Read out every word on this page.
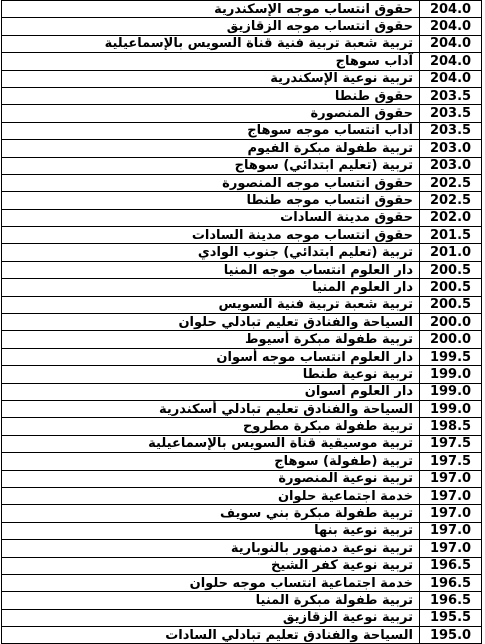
حقوق انتساب موجه الإسكندرية	204.0
حقوق انتساب موجه الزقازيق	204.0
تربية شعبة تربية فنية قناة السويس بالإسماعيلية	204.0
آداب سوهاج	204.0
تربية نوعية الإسكندرية	204.0
حقوق طنطا	203.5
حقوق المنصورة	203.5
آداب انتساب موجه سوهاج	203.5
تربية طفولة مبكرة الفيوم	203.0
تربية (تعليم ابتدائي) سوهاج	203.0
حقوق انتساب موجه المنصورة	202.5
حقوق انتساب موجه طنطا	202.5
حقوق مدينة السادات	202.0
حقوق انتساب موجه مدينة السادات	201.5
تربية (تعليم ابتدائي) جنوب الوادي	201.0
دار العلوم انتساب موجه المنيا	200.5
دار العلوم المنيا	200.5
تربية شعبة تربية فنية السويس	200.5
السياحة والفنادق تعليم تبادلي حلوان	200.0
تربية طفولة مبكرة أسيوط	200.0
دار العلوم انتساب موجه أسوان	199.5
تربية نوعية طنطا	199.0
دار العلوم أسوان	199.0
السياحة والفنادق تعليم تبادلي أسكندرية	199.0
تربية طفولة مبكرة مطروح	198.5
تربية موسيقية قناة السويس بالإسماعيلية	197.5
تربية (طفولة) سوهاج	197.5
تربية نوعية المنصورة	197.0
خدمة اجتماعية حلوان	197.0
تربية طفولة مبكرة بني سويف	197.0
تربية نوعية بنها	197.0
تربية نوعية دمنهور بالنوبارية	197.0
تربية نوعية كفر الشيخ	196.5
خدمة اجتماعية انتساب موجه حلوان	196.5
تربية طفولة مبكرة المنيا	196.5
تربية نوعية الزقازيق	195.5
السياحة والفنادق تعليم تبادلي السادات	195.0
